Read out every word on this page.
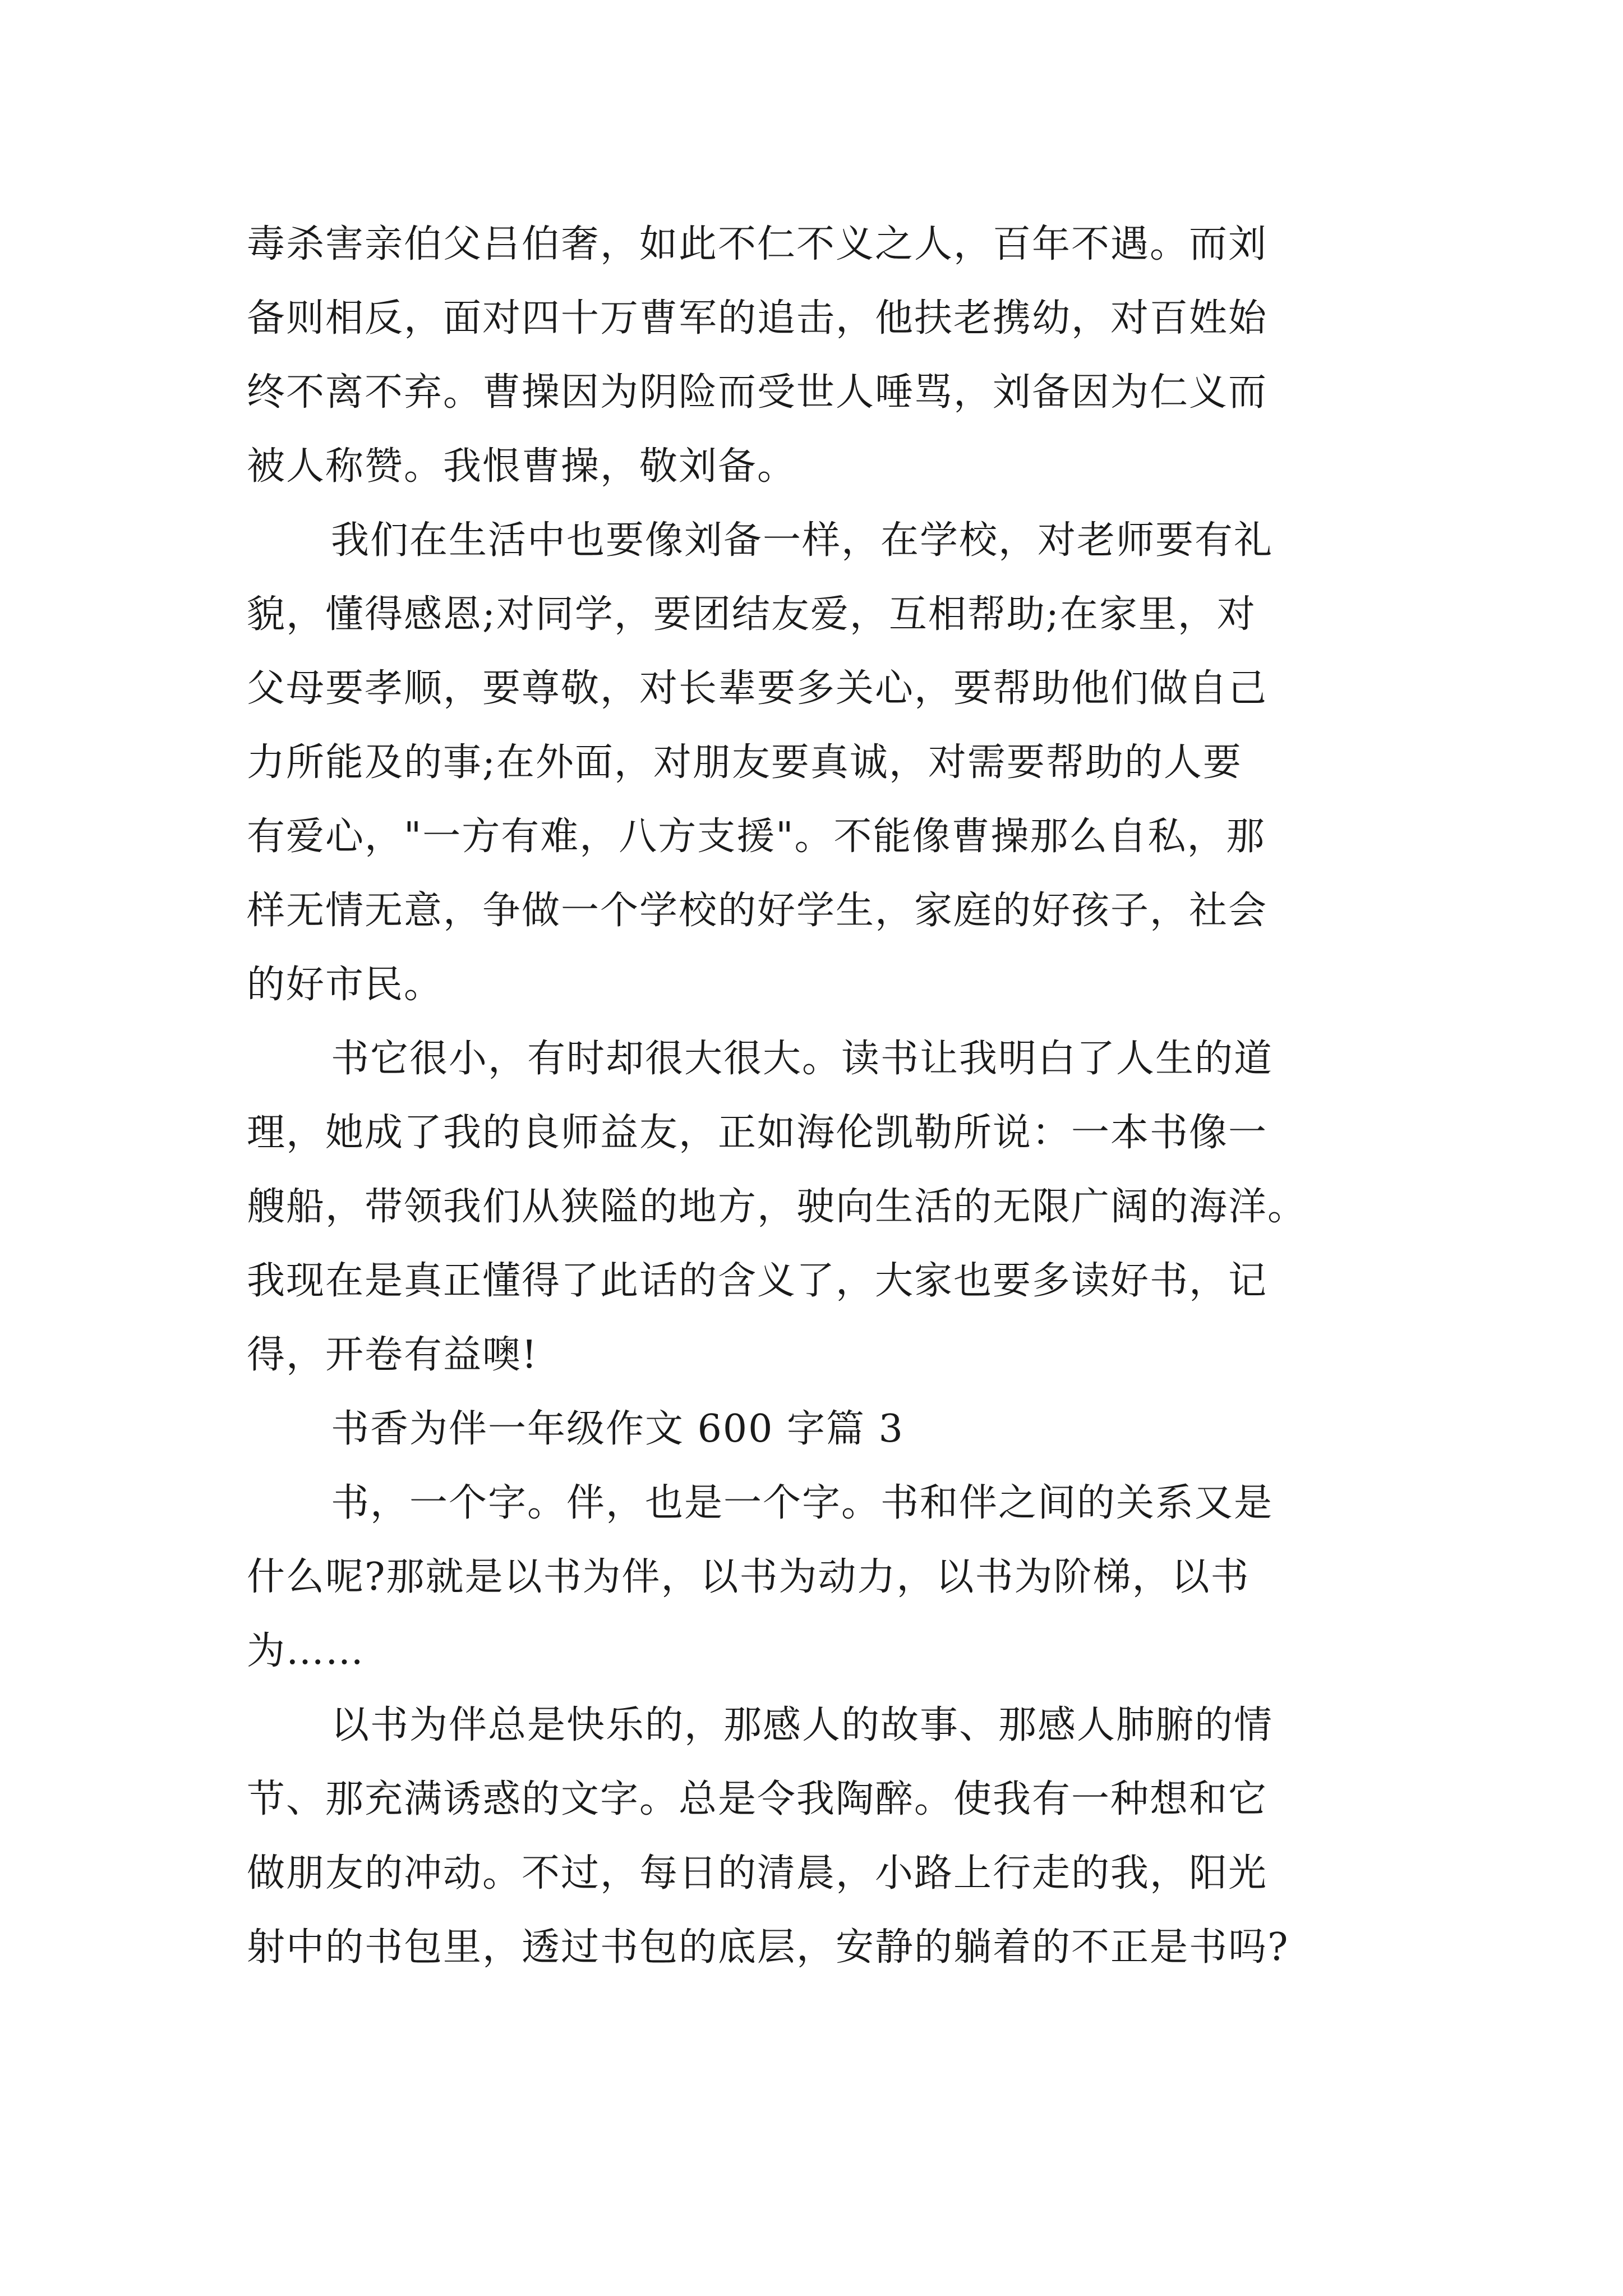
毒杀害亲伯父吕伯奢，如此不仁不义之人，百年不遇。而刘

备则相反，面对四十万曹军的追击，他扶老携幼，对百姓始

终不离不弃。曹操因为阴险而受世人唾骂，刘备因为仁义而

被人称赞。我恨曹操，敬刘备。

我们在生活中也要像刘备一样，在学校，对老师要有礼

貌，懂得感恩;对同学，要团结友爱，互相帮助;在家里，对

父母要孝顺，要尊敬，对长辈要多关心，要帮助他们做自己

力所能及的事;在外面，对朋友要真诚，对需要帮助的人要

有爱心，"一方有难，八方支援"。不能像曹操那么自私，那

样无情无意，争做一个学校的好学生，家庭的好孩子，社会

的好市民。

书它很小，有时却很大很大。读书让我明白了人生的道

理，她成了我的良师益友，正如海伦凯勒所说：一本书像一

艘船，带领我们从狭隘的地方，驶向生活的无限广阔的海洋。

我现在是真正懂得了此话的含义了，大家也要多读好书，记

得，开卷有益噢!

书香为伴一年级作文 600 字篇 3

书，一个字。伴，也是一个字。书和伴之间的关系又是

什么呢?那就是以书为伴，以书为动力，以书为阶梯，以书

为……

以书为伴总是快乐的，那感人的故事、那感人肺腑的情

节、那充满诱惑的文字。总是令我陶醉。使我有一种想和它

做朋友的冲动。不过，每日的清晨，小路上行走的我，阳光

射中的书包里，透过书包的底层，安静的躺着的不正是书吗?
